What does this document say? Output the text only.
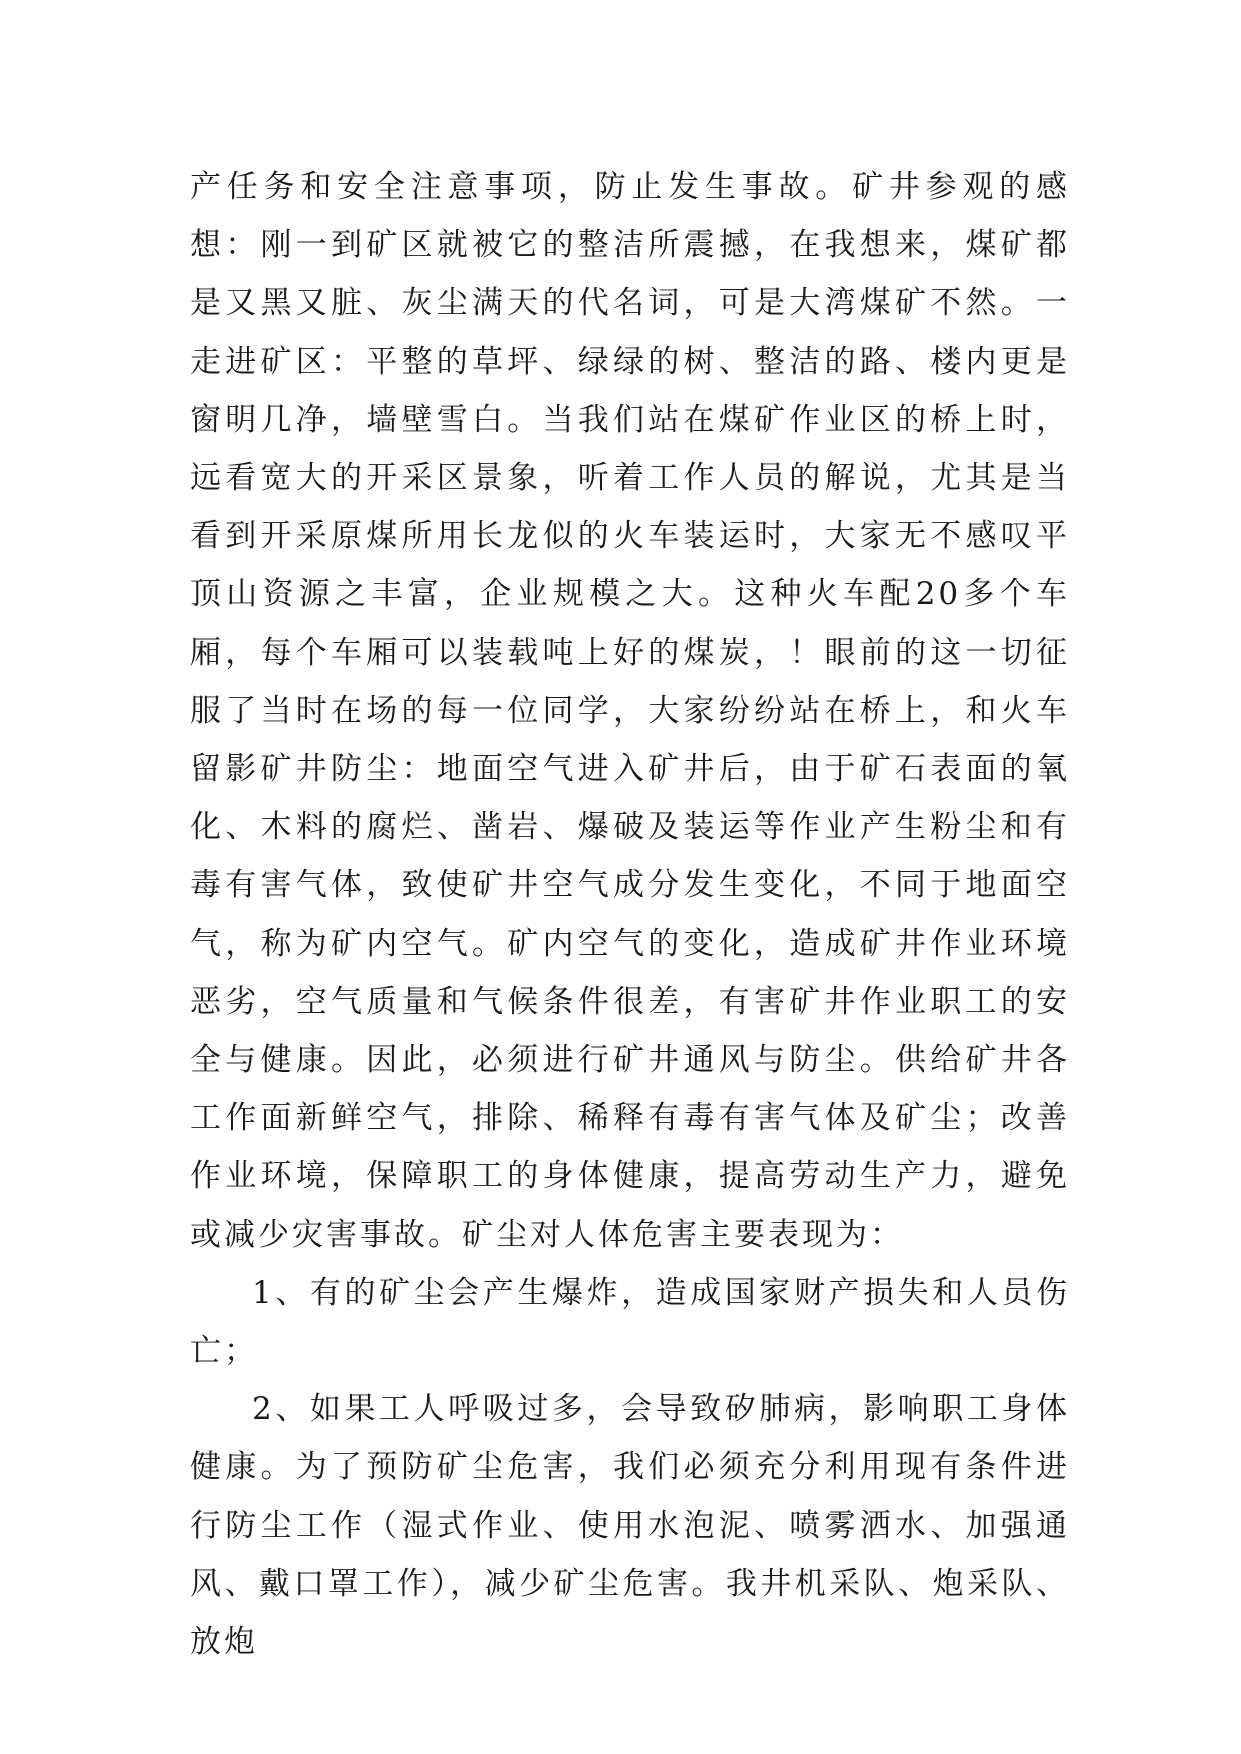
产任务和安全注意事项，防止发生事故。矿井参观的感想：刚一到矿区就被它的整洁所震撼，在我想来，煤矿都是又黑又脏、灰尘满天的代名词，可是大湾煤矿不然。一走进矿区：平整的草坪、绿绿的树、整洁的路、楼内更是窗明几净，墙壁雪白。当我们站在煤矿作业区的桥上时，远看宽大的开采区景象，听着工作人员的解说，尤其是当看到开采原煤所用长龙似的火车装运时，大家无不感叹平顶山资源之丰富，企业规模之大。这种火车配20多个车厢，每个车厢可以装载吨上好的煤炭，！眼前的这一切征服了当时在场的每一位同学，大家纷纷站在桥上，和火车留影矿井防尘：地面空气进入矿井后，由于矿石表面的氧化、木料的腐烂、凿岩、爆破及装运等作业产生粉尘和有毒有害气体，致使矿井空气成分发生变化，不同于地面空气，称为矿内空气。矿内空气的变化，造成矿井作业环境恶劣，空气质量和气候条件很差，有害矿井作业职工的安全与健康。因此，必须进行矿井通风与防尘。供给矿井各工作面新鲜空气，排除、稀释有毒有害气体及矿尘；改善作业环境，保障职工的身体健康，提高劳动生产力，避免或减少灾害事故。矿尘对人体危害主要表现为：

1、有的矿尘会产生爆炸，造成国家财产损失和人员伤亡；

2、如果工人呼吸过多，会导致矽肺病，影响职工身体健康。为了预防矿尘危害，我们必须充分利用现有条件进行防尘工作（湿式作业、使用水泡泥、喷雾洒水、加强通风、戴口罩工作），减少矿尘危害。我井机采队、炮采队、放炮
